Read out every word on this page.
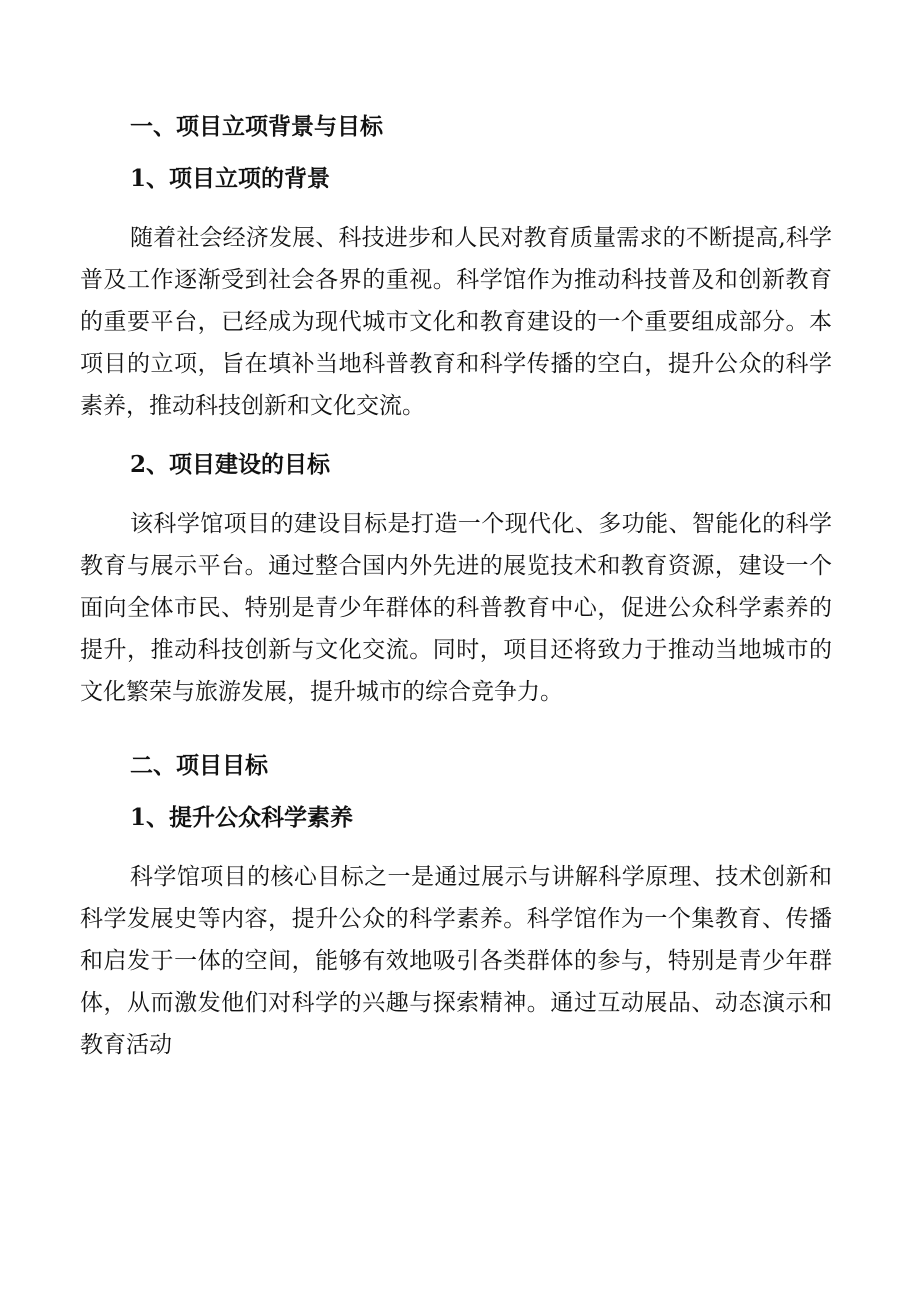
一、项目立项背景与目标
1、项目立项的背景

随着社会经济发展、科技进步和人民对教育质量需求的不断提高,科学普及工作逐渐受到社会各界的重视。科学馆作为推动科技普及和创新教育的重要平台，已经成为现代城市文化和教育建设的一个重要组成部分。本项目的立项，旨在填补当地科普教育和科学传播的空白，提升公众的科学素养，推动科技创新和文化交流。

2、项目建设的目标

该科学馆项目的建设目标是打造一个现代化、多功能、智能化的科学教育与展示平台。通过整合国内外先进的展览技术和教育资源，建设一个面向全体市民、特别是青少年群体的科普教育中心，促进公众科学素养的提升，推动科技创新与文化交流。同时，项目还将致力于推动当地城市的文化繁荣与旅游发展，提升城市的综合竞争力。

二、项目目标
1、提升公众科学素养

科学馆项目的核心目标之一是通过展示与讲解科学原理、技术创新和科学发展史等内容，提升公众的科学素养。科学馆作为一个集教育、传播和启发于一体的空间，能够有效地吸引各类群体的参与，特别是青少年群体，从而激发他们对科学的兴趣与探索精神。通过互动展品、动态演示和教育活动
